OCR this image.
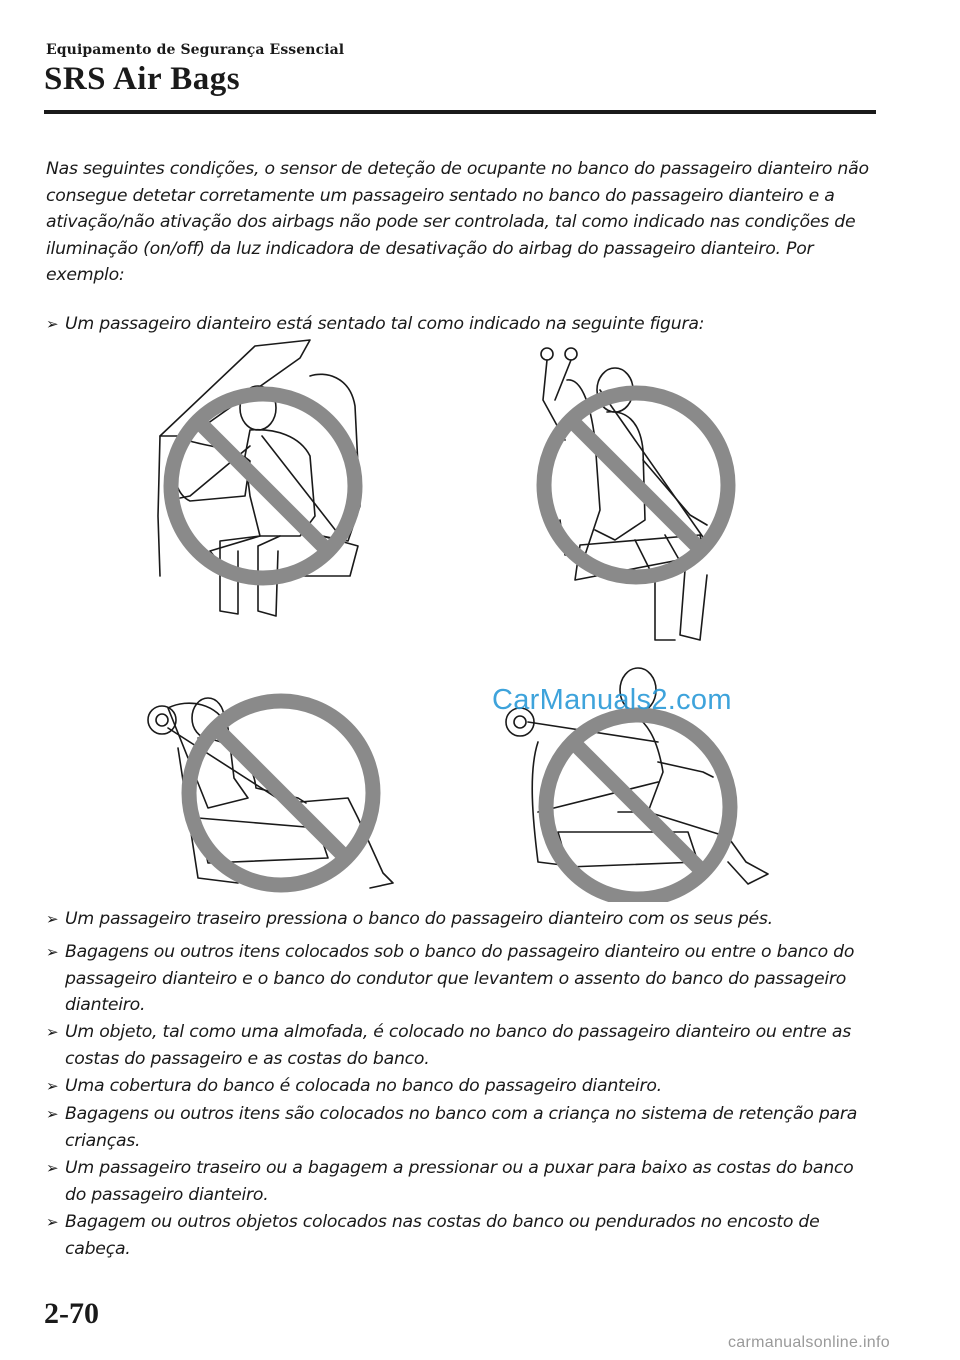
Equipamento de Segurança Essencial
SRS Air Bags

Nas seguintes condições, o sensor de deteção de ocupante no banco do passageiro dianteiro não consegue detetar corretamente um passageiro sentado no banco do passageiro dianteiro e a ativação/não ativação dos airbags não pode ser controlada, tal como indicado nas condições de iluminação (on/off) da luz indicadora de desativação do airbag do passageiro dianteiro. Por exemplo:

➢ Um passageiro dianteiro está sentado tal como indicado na seguinte figura:
CarManuals2.com
➢ Um passageiro traseiro pressiona o banco do passageiro dianteiro com os seus pés.
➢ Bagagens ou outros itens colocados sob o banco do passageiro dianteiro ou entre o banco do passageiro dianteiro e o banco do condutor que levantem o assento do banco do passageiro dianteiro.
➢ Um objeto, tal como uma almofada, é colocado no banco do passageiro dianteiro ou entre as costas do passageiro e as costas do banco.
➢ Uma cobertura do banco é colocada no banco do passageiro dianteiro.
➢ Bagagens ou outros itens são colocados no banco com a criança no sistema de retenção para crianças.
➢ Um passageiro traseiro ou a bagagem a pressionar ou a puxar para baixo as costas do banco do passageiro dianteiro.
➢ Bagagem ou outros objetos colocados nas costas do banco ou pendurados no encosto de cabeça.
2-70
carmanualsonline.info
